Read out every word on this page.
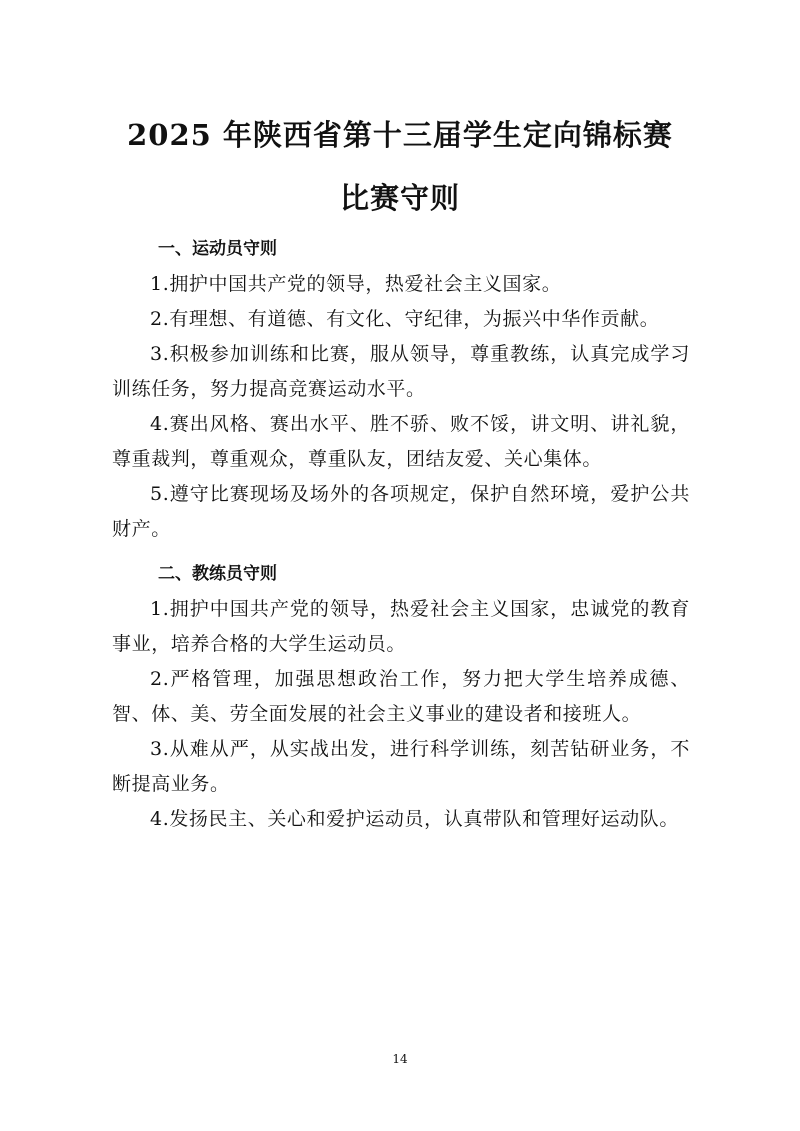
2025 年陕西省第十三届学生定向锦标赛
比赛守则
一、运动员守则

1.拥护中国共产党的领导，热爱社会主义国家。

2.有理想、有道德、有文化、守纪律，为振兴中华作贡献。

3.积极参加训练和比赛，服从领导，尊重教练，认真完成学习训练任务，努力提高竞赛运动水平。

4.赛出风格、赛出水平、胜不骄、败不馁，讲文明、讲礼貌，尊重裁判，尊重观众，尊重队友，团结友爱、关心集体。

5.遵守比赛现场及场外的各项规定，保护自然环境，爱护公共财产。

二、教练员守则

1.拥护中国共产党的领导，热爱社会主义国家，忠诚党的教育事业，培养合格的大学生运动员。

2.严格管理，加强思想政治工作，努力把大学生培养成德、智、体、美、劳全面发展的社会主义事业的建设者和接班人。

3.从难从严，从实战出发，进行科学训练，刻苦钻研业务，不断提高业务。

4.发扬民主、关心和爱护运动员，认真带队和管理好运动队。

14
